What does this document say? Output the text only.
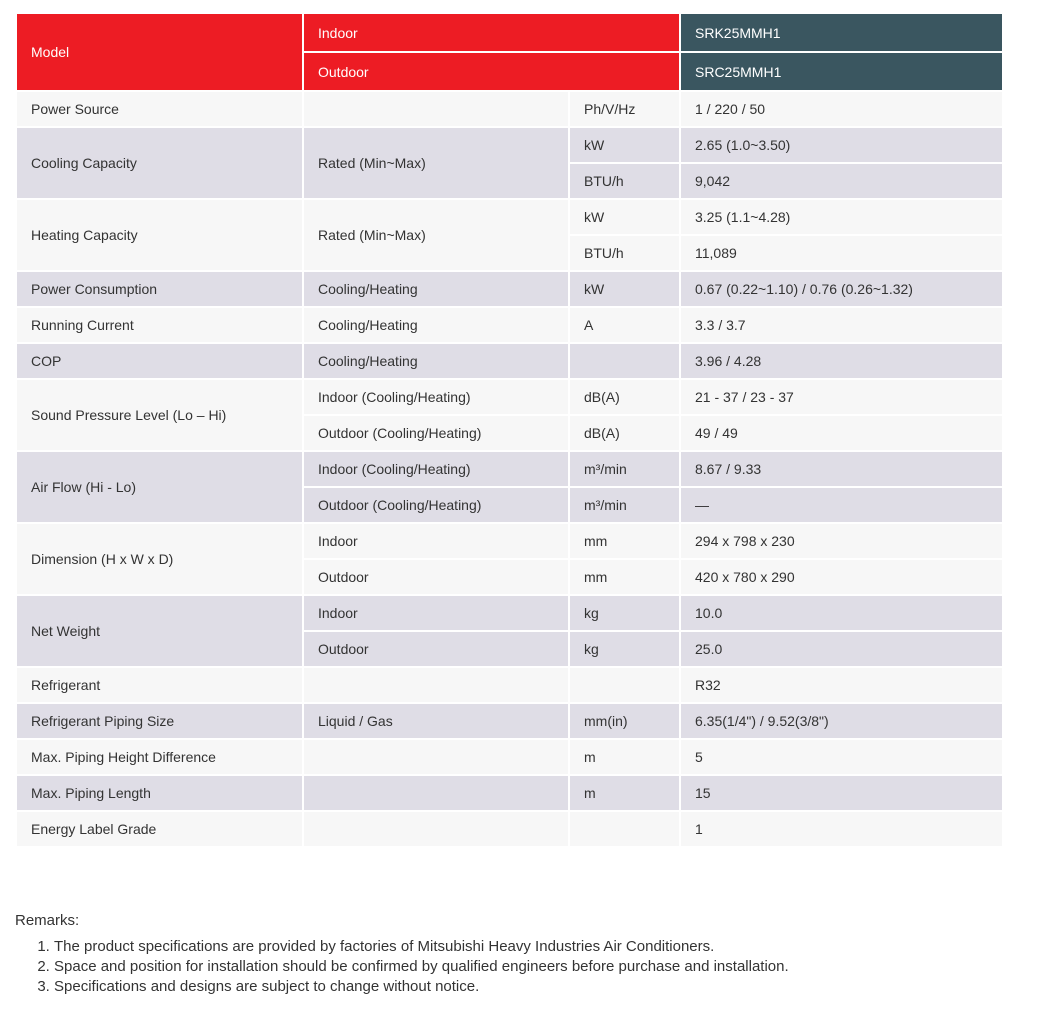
Model	Indoor		SRK25MMH1
	Outdoor		SRC25MMH1
Power Source		Ph/V/Hz	1 / 220 / 50
Cooling Capacity	Rated (Min~Max)	kW	2.65 (1.0~3.50)
		BTU/h	9,042
Heating Capacity	Rated (Min~Max)	kW	3.25 (1.1~4.28)
		BTU/h	11,089
Power Consumption	Cooling/Heating	kW	0.67 (0.22~1.10) / 0.76 (0.26~1.32)
Running Current	Cooling/Heating	A	3.3 / 3.7
COP	Cooling/Heating		3.96 / 4.28
Sound Pressure Level (Lo – Hi)	Indoor (Cooling/Heating)	dB(A)	21 - 37 / 23 - 37
	Outdoor (Cooling/Heating)	dB(A)	49 / 49
Air Flow (Hi - Lo)	Indoor (Cooling/Heating)	m³/min	8.67 / 9.33
	Outdoor (Cooling/Heating)	m³/min	—
Dimension (H x W x D)	Indoor	mm	294 x 798 x 230
	Outdoor	mm	420 x 780 x 290
Net Weight	Indoor	kg	10.0
	Outdoor	kg	25.0
Refrigerant			R32
Refrigerant Piping Size	Liquid / Gas	mm(in)	6.35(1/4") / 9.52(3/8")
Max. Piping Height Difference		m	5
Max. Piping Length		m	15
Energy Label Grade			1
Remarks:
1. The product specifications are provided by factories of Mitsubishi Heavy Industries Air Conditioners.
2. Space and position for installation should be confirmed by qualified engineers before purchase and installation.
3. Specifications and designs are subject to change without notice.
